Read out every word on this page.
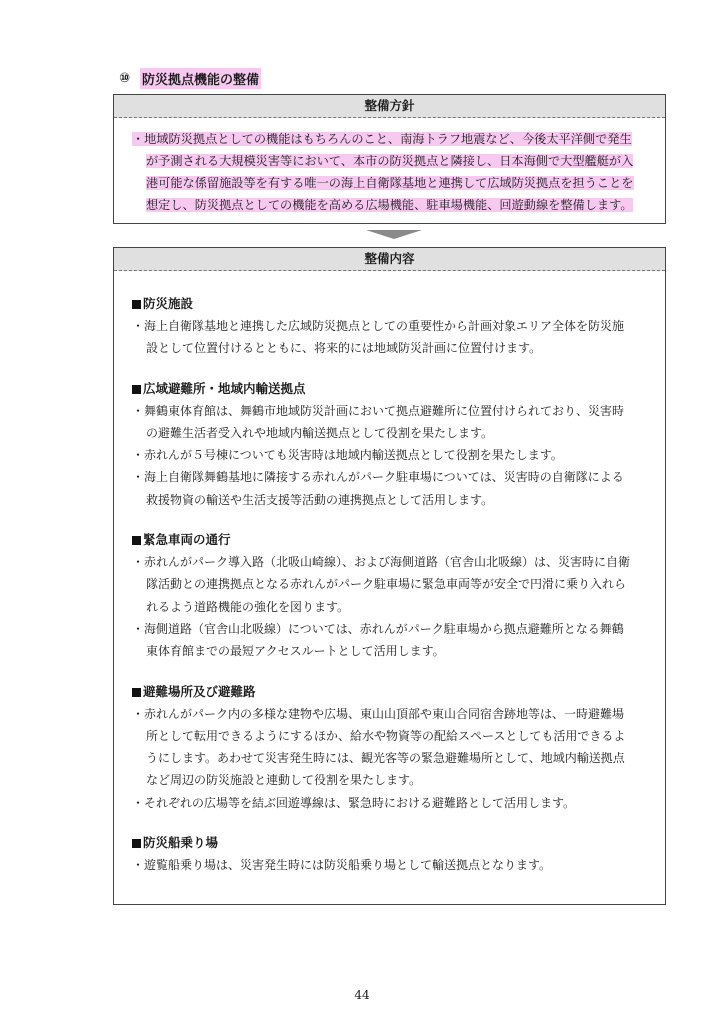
⑩ 防災拠点機能の整備
整備方針
・地域防災拠点としての機能はもちろんのこと、南海トラフ地震など、今後太平洋側で発生
が予測される大規模災害等において、本市の防災拠点と隣接し、日本海側で大型艦艇が入
港可能な係留施設等を有する唯一の海上自衛隊基地と連携して広域防災拠点を担うことを
想定し、防災拠点としての機能を高める広場機能、駐車場機能、回遊動線を整備します。
整備内容
防災施設
・海上自衛隊基地と連携した広域防災拠点としての重要性から計画対象エリア全体を防災施
設として位置付けるとともに、将来的には地域防災計画に位置付けます。
広域避難所・地域内輸送拠点
・舞鶴東体育館は、舞鶴市地域防災計画において拠点避難所に位置付けられており、災害時
の避難生活者受入れや地域内輸送拠点として役割を果たします。
・赤れんが５号棟についても災害時は地域内輸送拠点として役割を果たします。
・海上自衛隊舞鶴基地に隣接する赤れんがパーク駐車場については、災害時の自衛隊による
救援物資の輸送や生活支援等活動の連携拠点として活用します。
緊急車両の通行
・赤れんがパーク導入路（北吸山崎線）、および海側道路（官舎山北吸線）は、災害時に自衛
隊活動との連携拠点となる赤れんがパーク駐車場に緊急車両等が安全で円滑に乗り入れら
れるよう道路機能の強化を図ります。
・海側道路（官舎山北吸線）については、赤れんがパーク駐車場から拠点避難所となる舞鶴
東体育館までの最短アクセスルートとして活用します。
避難場所及び避難路
・赤れんがパーク内の多様な建物や広場、東山山頂部や東山合同宿舎跡地等は、一時避難場
所として転用できるようにするほか、給水や物資等の配給スペースとしても活用できるよ
うにします。あわせて災害発生時には、観光客等の緊急避難場所として、地域内輸送拠点
など周辺の防災施設と連動して役割を果たします。
・それぞれの広場等を結ぶ回遊導線は、緊急時における避難路として活用します。
防災船乗り場
・遊覧船乗り場は、災害発生時には防災船乗り場として輸送拠点となります。
44
